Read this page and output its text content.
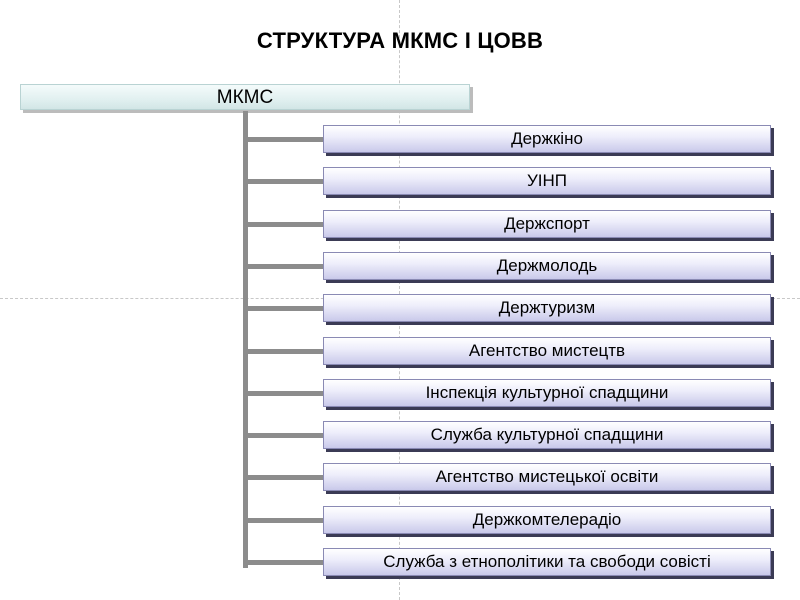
СТРУКТУРА МКМС І ЦОВВ
МКМС
Держкіно
УІНП
Держспорт
Держмолодь
Держтуризм
Агентство мистецтв
Інспекція культурної спадщини
Служба культурної спадщини
Агентство мистецької освіти
Держкомтелерадіо
Служба з етнополітики та свободи совісті
